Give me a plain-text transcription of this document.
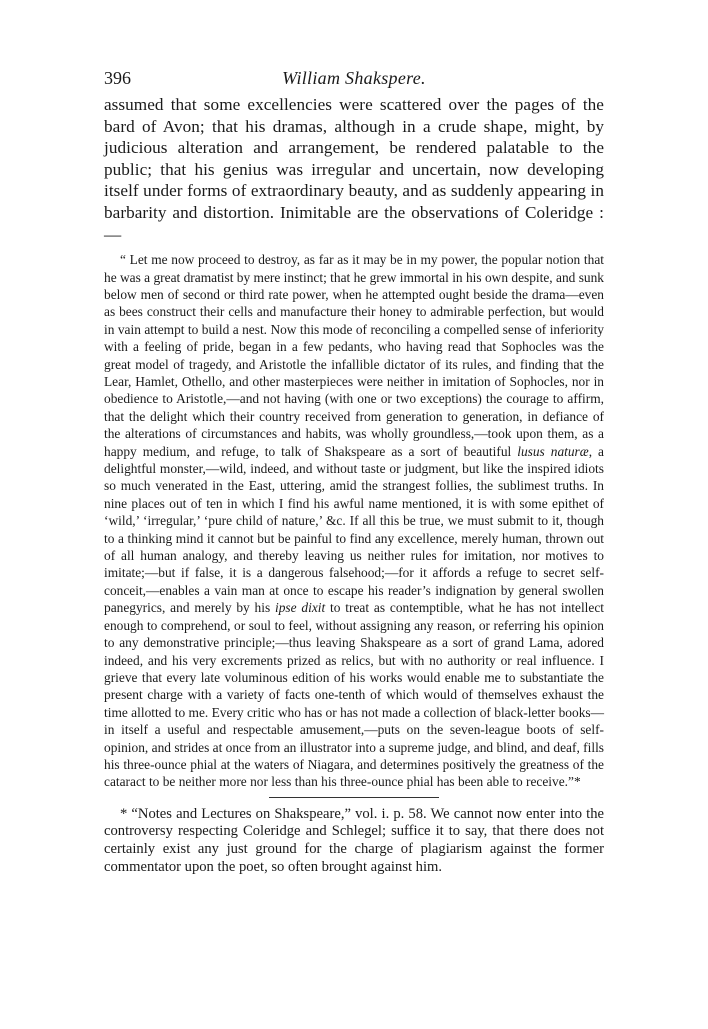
396	William Shakspere.

assumed that some excellencies were scattered over the pages of the bard of Avon; that his dramas, although in a crude shape, might, by judicious alteration and arrangement, be rendered palatable to the public; that his genius was irregular and uncertain, now developing itself under forms of extraordinary beauty, and as suddenly appearing in barbarity and distortion. Inimitable are the observations of Coleridge :—

“ Let me now proceed to destroy, as far as it may be in my power, the popular notion that he was a great dramatist by mere instinct; that he grew immortal in his own despite, and sunk below men of second or third rate power, when he attempted ought beside the drama—even as bees construct their cells and manufacture their honey to admirable perfection, but would in vain attempt to build a nest. Now this mode of reconciling a compelled sense of inferiority with a feeling of pride, began in a few pedants, who having read that Sophocles was the great model of tragedy, and Aristotle the infallible dictator of its rules, and finding that the Lear, Hamlet, Othello, and other masterpieces were neither in imitation of Sophocles, nor in obedience to Aristotle,—and not having (with one or two exceptions) the courage to affirm, that the delight which their country received from generation to generation, in defiance of the alterations of circumstances and habits, was wholly groundless,—took upon them, as a happy medium, and refuge, to talk of Shakspeare as a sort of beautiful lusus naturæ, a delightful monster,—wild, indeed, and without taste or judgment, but like the inspired idiots so much venerated in the East, uttering, amid the strangest follies, the sublimest truths. In nine places out of ten in which I find his awful name mentioned, it is with some epithet of ‘wild,’ ‘irregular,’ ‘pure child of nature,’ &c. If all this be true, we must submit to it, though to a thinking mind it cannot but be painful to find any excellence, merely human, thrown out of all human analogy, and thereby leaving us neither rules for imitation, nor motives to imitate;—but if false, it is a dangerous falsehood;—for it affords a refuge to secret self-conceit,—enables a vain man at once to escape his reader’s indignation by general swollen panegyrics, and merely by his ipse dixit to treat as contemptible, what he has not intellect enough to comprehend, or soul to feel, without assigning any reason, or referring his opinion to any demonstrative principle;—thus leaving Shakspeare as a sort of grand Lama, adored indeed, and his very excrements prized as relics, but with no authority or real influence. I grieve that every late voluminous edition of his works would enable me to substantiate the present charge with a variety of facts one-tenth of which would of themselves exhaust the time allotted to me. Every critic who has or has not made a collection of black-letter books—in itself a useful and respectable amusement,—puts on the seven-league boots of self-opinion, and strides at once from an illustrator into a supreme judge, and blind, and deaf, fills his three-ounce phial at the waters of Niagara, and determines positively the greatness of the cataract to be neither more nor less than his three-ounce phial has been able to receive.”*

* “Notes and Lectures on Shakspeare,” vol. i. p. 58. We cannot now enter into the controversy respecting Coleridge and Schlegel; suffice it to say, that there does not certainly exist any just ground for the charge of plagiarism against the former commentator upon the poet, so often brought against him.
